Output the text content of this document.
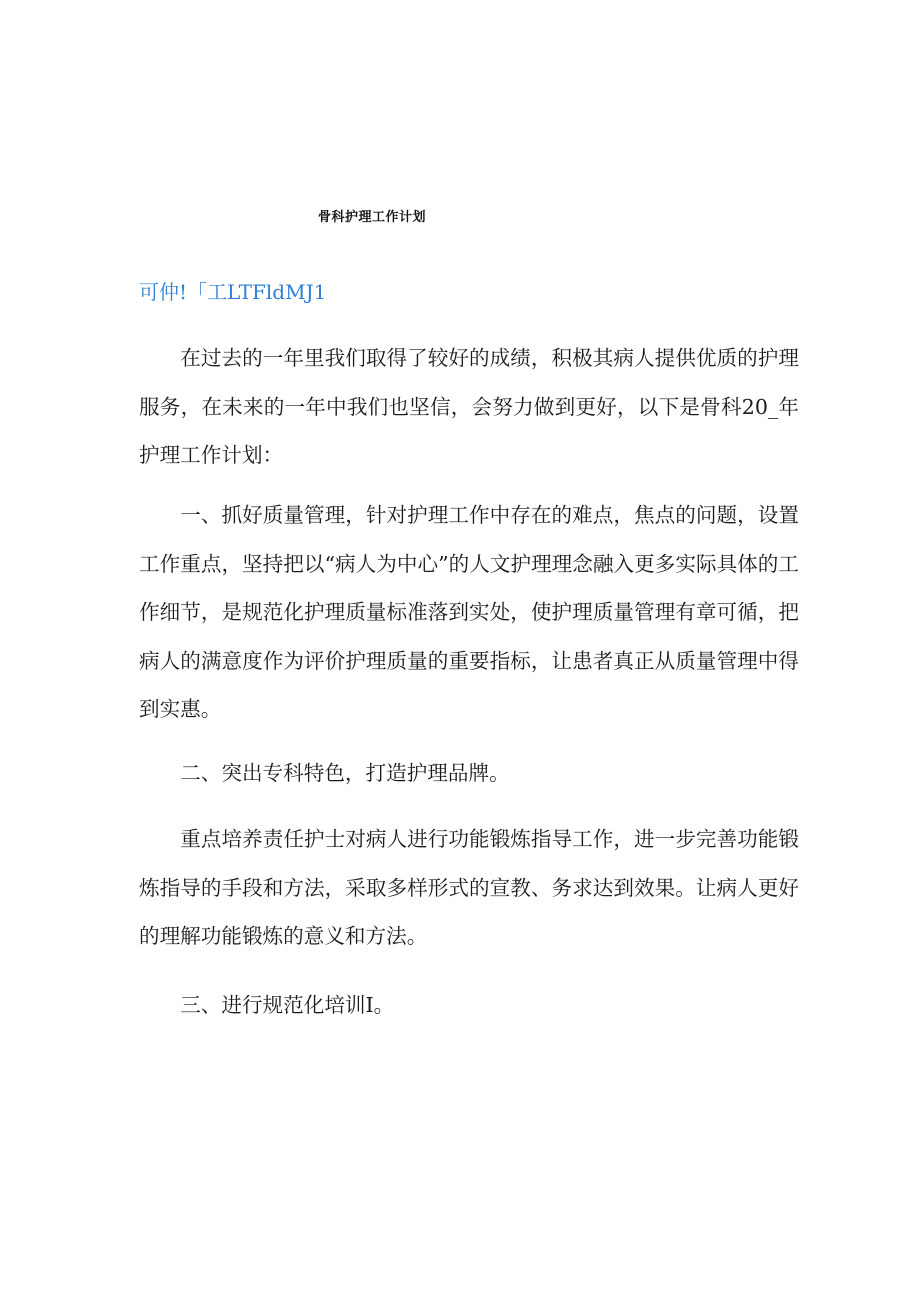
骨科护理工作计划

可仲!「工LTFldMJ1

在过去的一年里我们取得了较好的成绩，积极其病人提供优质的护理服务，在未来的一年中我们也坚信，会努力做到更好，以下是骨科20_年护理工作计划：

一、抓好质量管理，针对护理工作中存在的难点，焦点的问题，设置工作重点，坚持把以“病人为中心”的人文护理理念融入更多实际具体的工作细节，是规范化护理质量标准落到实处，使护理质量管理有章可循，把病人的满意度作为评价护理质量的重要指标，让患者真正从质量管理中得到实惠。

二、突出专科特色，打造护理品牌。

重点培养责任护士对病人进行功能锻炼指导工作，进一步完善功能锻炼指导的手段和方法，采取多样形式的宣教、务求达到效果。让病人更好的理解功能锻炼的意义和方法。

三、进行规范化培训I。
